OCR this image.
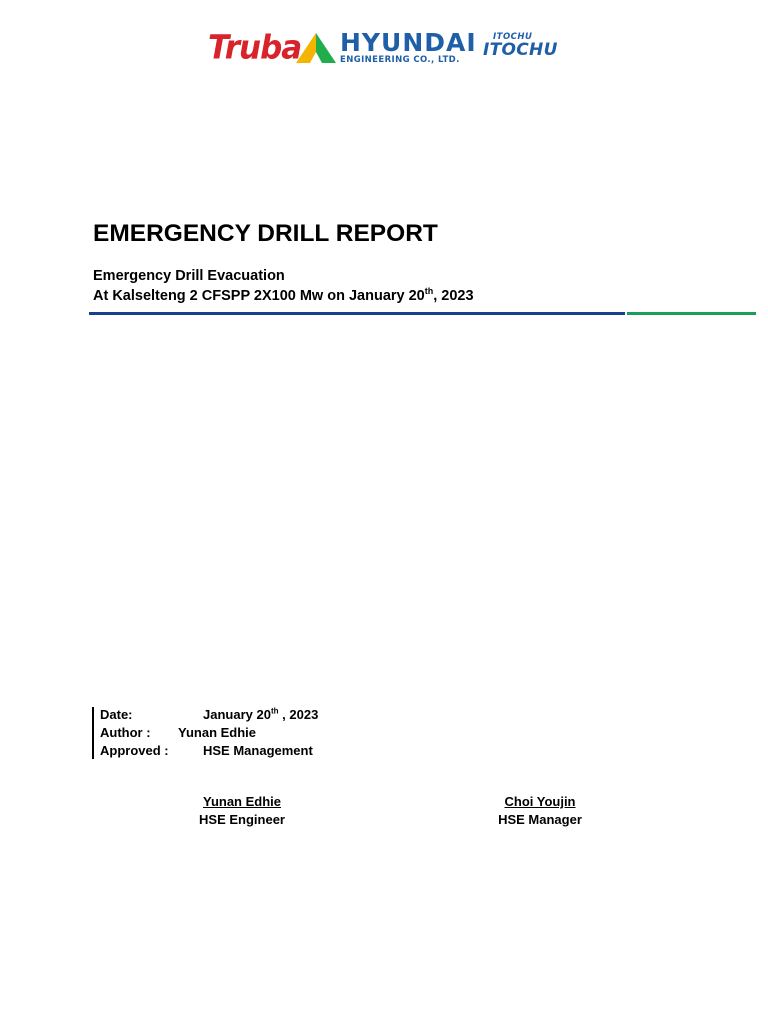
Truba HYUNDAI
ENGINEERING CO., LTD.
ITOCHU
ITOCHU
EMERGENCY DRILL REPORT
Emergency Drill Evacuation
At Kalselteng 2 CFSPP 2X100 Mw on January 20th, 2023
Date:	January 20th , 2023
Author : Yunan Edhie
Approved :	HSE Management
Yunan Edhie
HSE Engineer
Choi Youjin
HSE Manager
